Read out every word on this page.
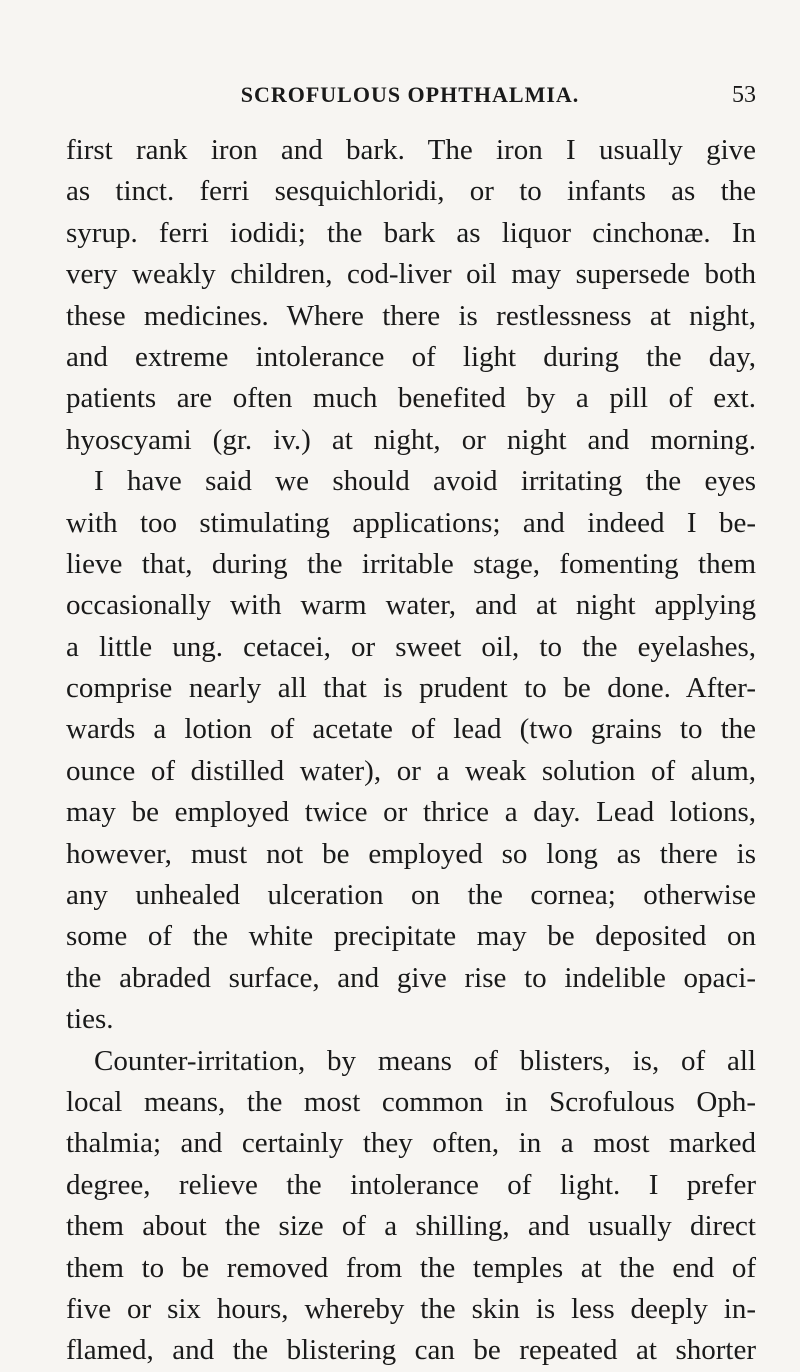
SCROFULOUS OPHTHALMIA.	53
first rank iron and bark. The iron I usually give
as tinct. ferri sesquichloridi, or to infants as the
syrup. ferri iodidi; the bark as liquor cinchonæ. In
very weakly children, cod-liver oil may supersede both
these medicines. Where there is restlessness at night,
and extreme intolerance of light during the day,
patients are often much benefited by a pill of ext.
hyoscyami (gr. iv.) at night, or night and morning.
I have said we should avoid irritating the eyes
with too stimulating applications; and indeed I be-
lieve that, during the irritable stage, fomenting them
occasionally with warm water, and at night applying
a little ung. cetacei, or sweet oil, to the eyelashes,
comprise nearly all that is prudent to be done. After-
wards a lotion of acetate of lead (two grains to the
ounce of distilled water), or a weak solution of alum,
may be employed twice or thrice a day. Lead lotions,
however, must not be employed so long as there is
any unhealed ulceration on the cornea; otherwise
some of the white precipitate may be deposited on
the abraded surface, and give rise to indelible opaci-
ties.
Counter-irritation, by means of blisters, is, of all
local means, the most common in Scrofulous Oph-
thalmia; and certainly they often, in a most marked
degree, relieve the intolerance of light. I prefer
them about the size of a shilling, and usually direct
them to be removed from the temples at the end of
five or six hours, whereby the skin is less deeply in-
flamed, and the blistering can be repeated at shorter
